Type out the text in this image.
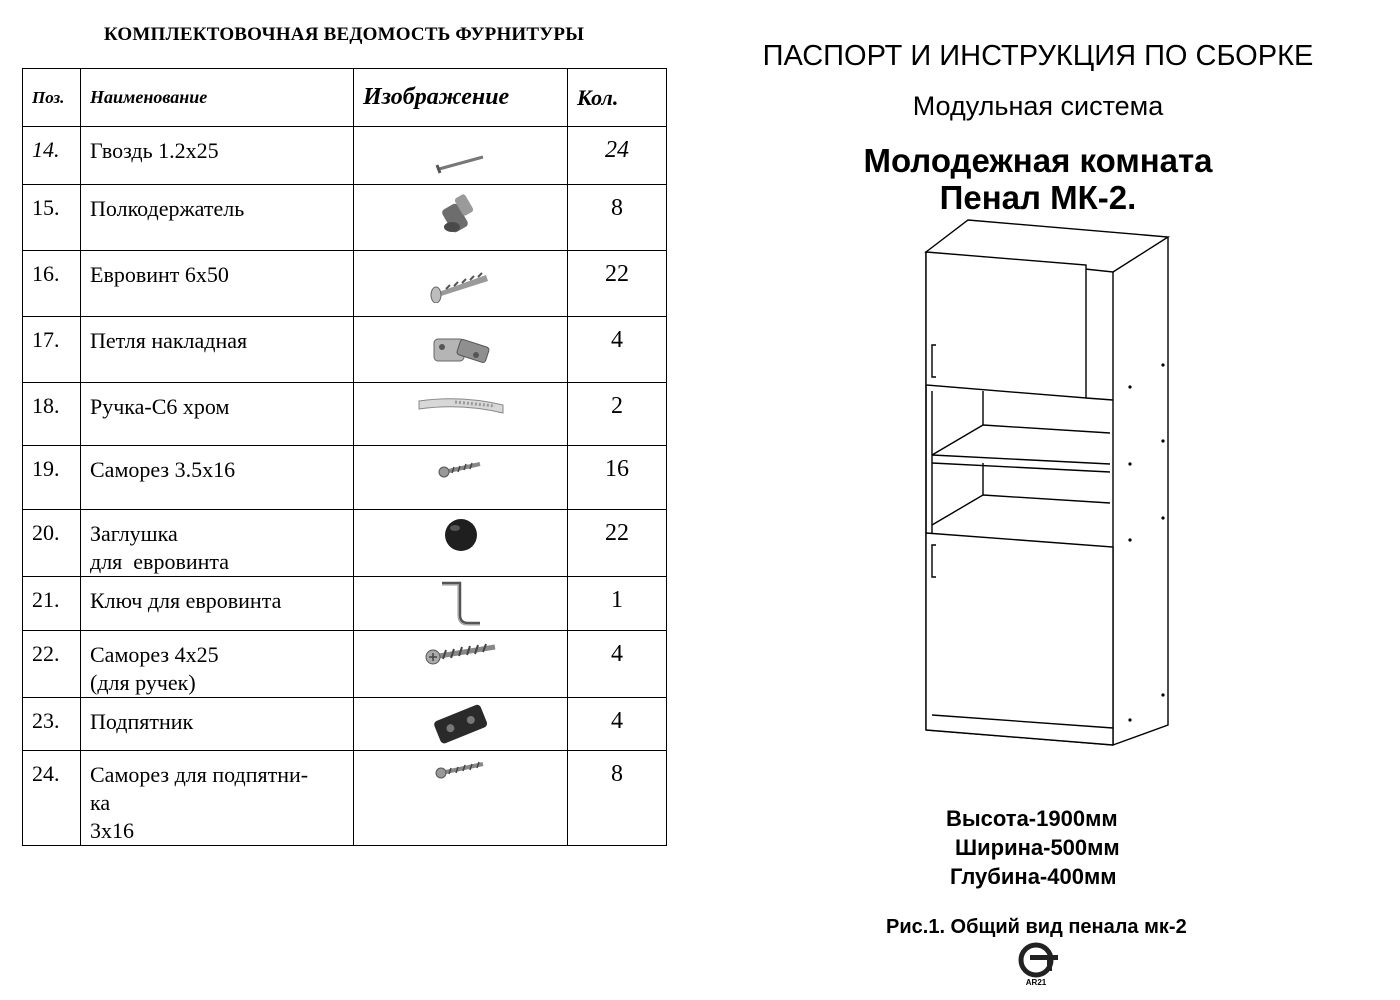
КОМПЛЕКТОВОЧНАЯ ВЕДОМОСТЬ ФУРНИТУРЫ
Поз.	Наименование	Изображение	Кол.
14.	Гвоздь 1.2х25		24
15.	Полкодержатель		8
16.	Евровинт 6х50		22
17.	Петля накладная		4
18.	Ручка-С6 хром		2
19.	Саморез 3.5х16		16
20.	Заглушка
для  евровинта		22
21.	Ключ для евровинта		1
22.	Саморез 4х25
(для ручек)		4
23.	Подпятник		4
24.	Саморез для подпятни-
ка
3х16		8
ПАСПОРТ И ИНСТРУКЦИЯ ПО СБОРКЕ
Модульная система
Молодежная комната
Пенал МК-2.
Высота-1900мм
Ширина-500мм
Глубина-400мм
Рис.1. Общий вид пенала мк-2
АR21
